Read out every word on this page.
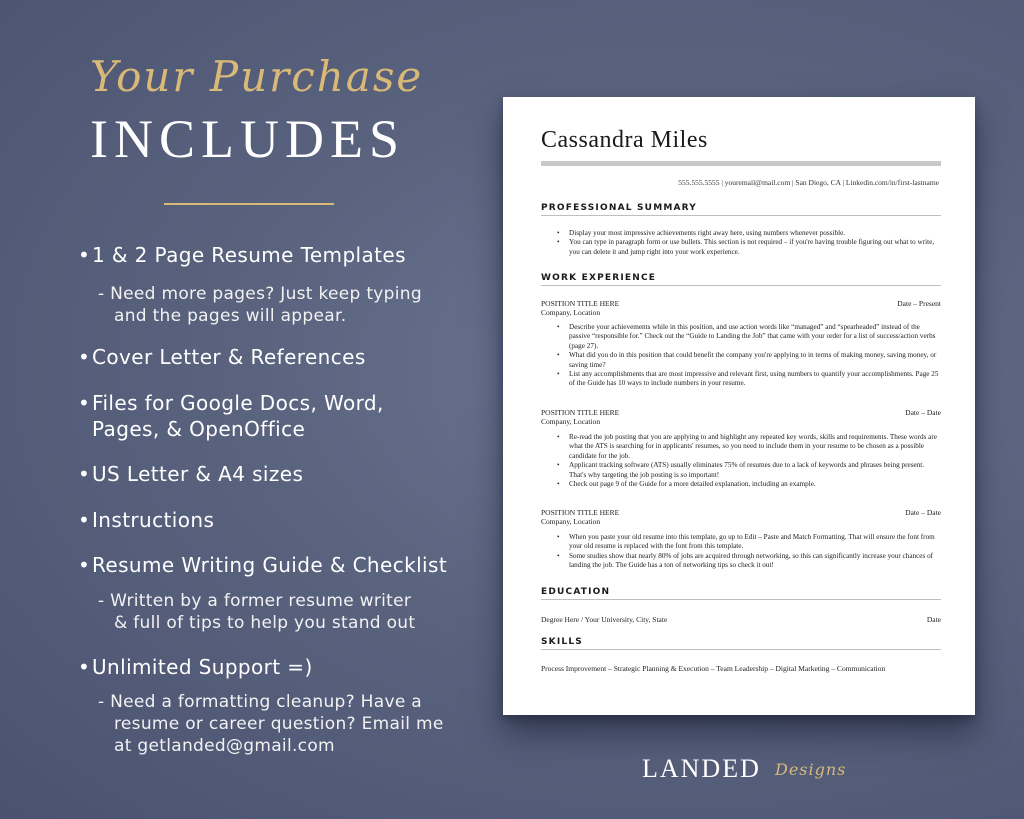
Your Purchase
INCLUDES
•1 & 2 Page Resume Templates
- Need more pages? Just keep typing
and the pages will appear.
•Cover Letter & References
•Files for Google Docs, Word,
Pages, & OpenOffice
•US Letter & A4 sizes
•Instructions
•Resume Writing Guide & Checklist
- Written by a former resume writer
& full of tips to help you stand out
•Unlimited Support =)
- Need a formatting cleanup? Have a
resume or career question? Email me
at getlanded@gmail.com
Cassandra Miles
555.555.5555 | youremail@mail.com | San Diego, CA | Linkedin.com/in/first-lastname
PROFESSIONAL SUMMARY
• Display your most impressive achievements right away here, using numbers whenever possible.
• You can type in paragraph form or use bullets. This section is not required – if you're having trouble figuring out what to write, you can delete it and jump right into your work experience.
WORK EXPERIENCE
POSITION TITLE HERE	Date – Present
Company, Location
• Describe your achievements while in this position, and use action words like “managed” and “spearheaded” instead of the passive “responsible for.” Check out the “Guide to Landing the Job” that came with your order for a list of success/action verbs (page 27).
• What did you do in this position that could benefit the company you're applying to in terms of making money, saving money, or saving time?
• List any accomplishments that are most impressive and relevant first, using numbers to quantify your accomplishments. Page 25 of the Guide has 10 ways to include numbers in your resume.
POSITION TITLE HERE	Date – Date
Company, Location
• Re-read the job posting that you are applying to and highlight any repeated key words, skills and requirements. These words are what the ATS is searching for in applicants' resumes, so you need to include them in your resume to be chosen as a possible candidate for the job.
• Applicant tracking software (ATS) usually eliminates 75% of resumes due to a lack of keywords and phrases being present. That's why targeting the job posting is so important!
• Check out page 9 of the Guide for a more detailed explanation, including an example.
POSITION TITLE HERE	Date – Date
Company, Location
• When you paste your old resume into this template, go up to Edit – Paste and Match Formatting. That will ensure the font from your old resume is replaced with the font from this template.
• Some studies show that nearly 80% of jobs are acquired through networking, so this can significantly increase your chances of landing the job. The Guide has a ton of networking tips so check it out!
EDUCATION
Degree Here / Your University, City, State	Date
SKILLS
Process Improvement – Strategic Planning & Execution – Team Leadership – Digital Marketing – Communication
LANDED Designs
